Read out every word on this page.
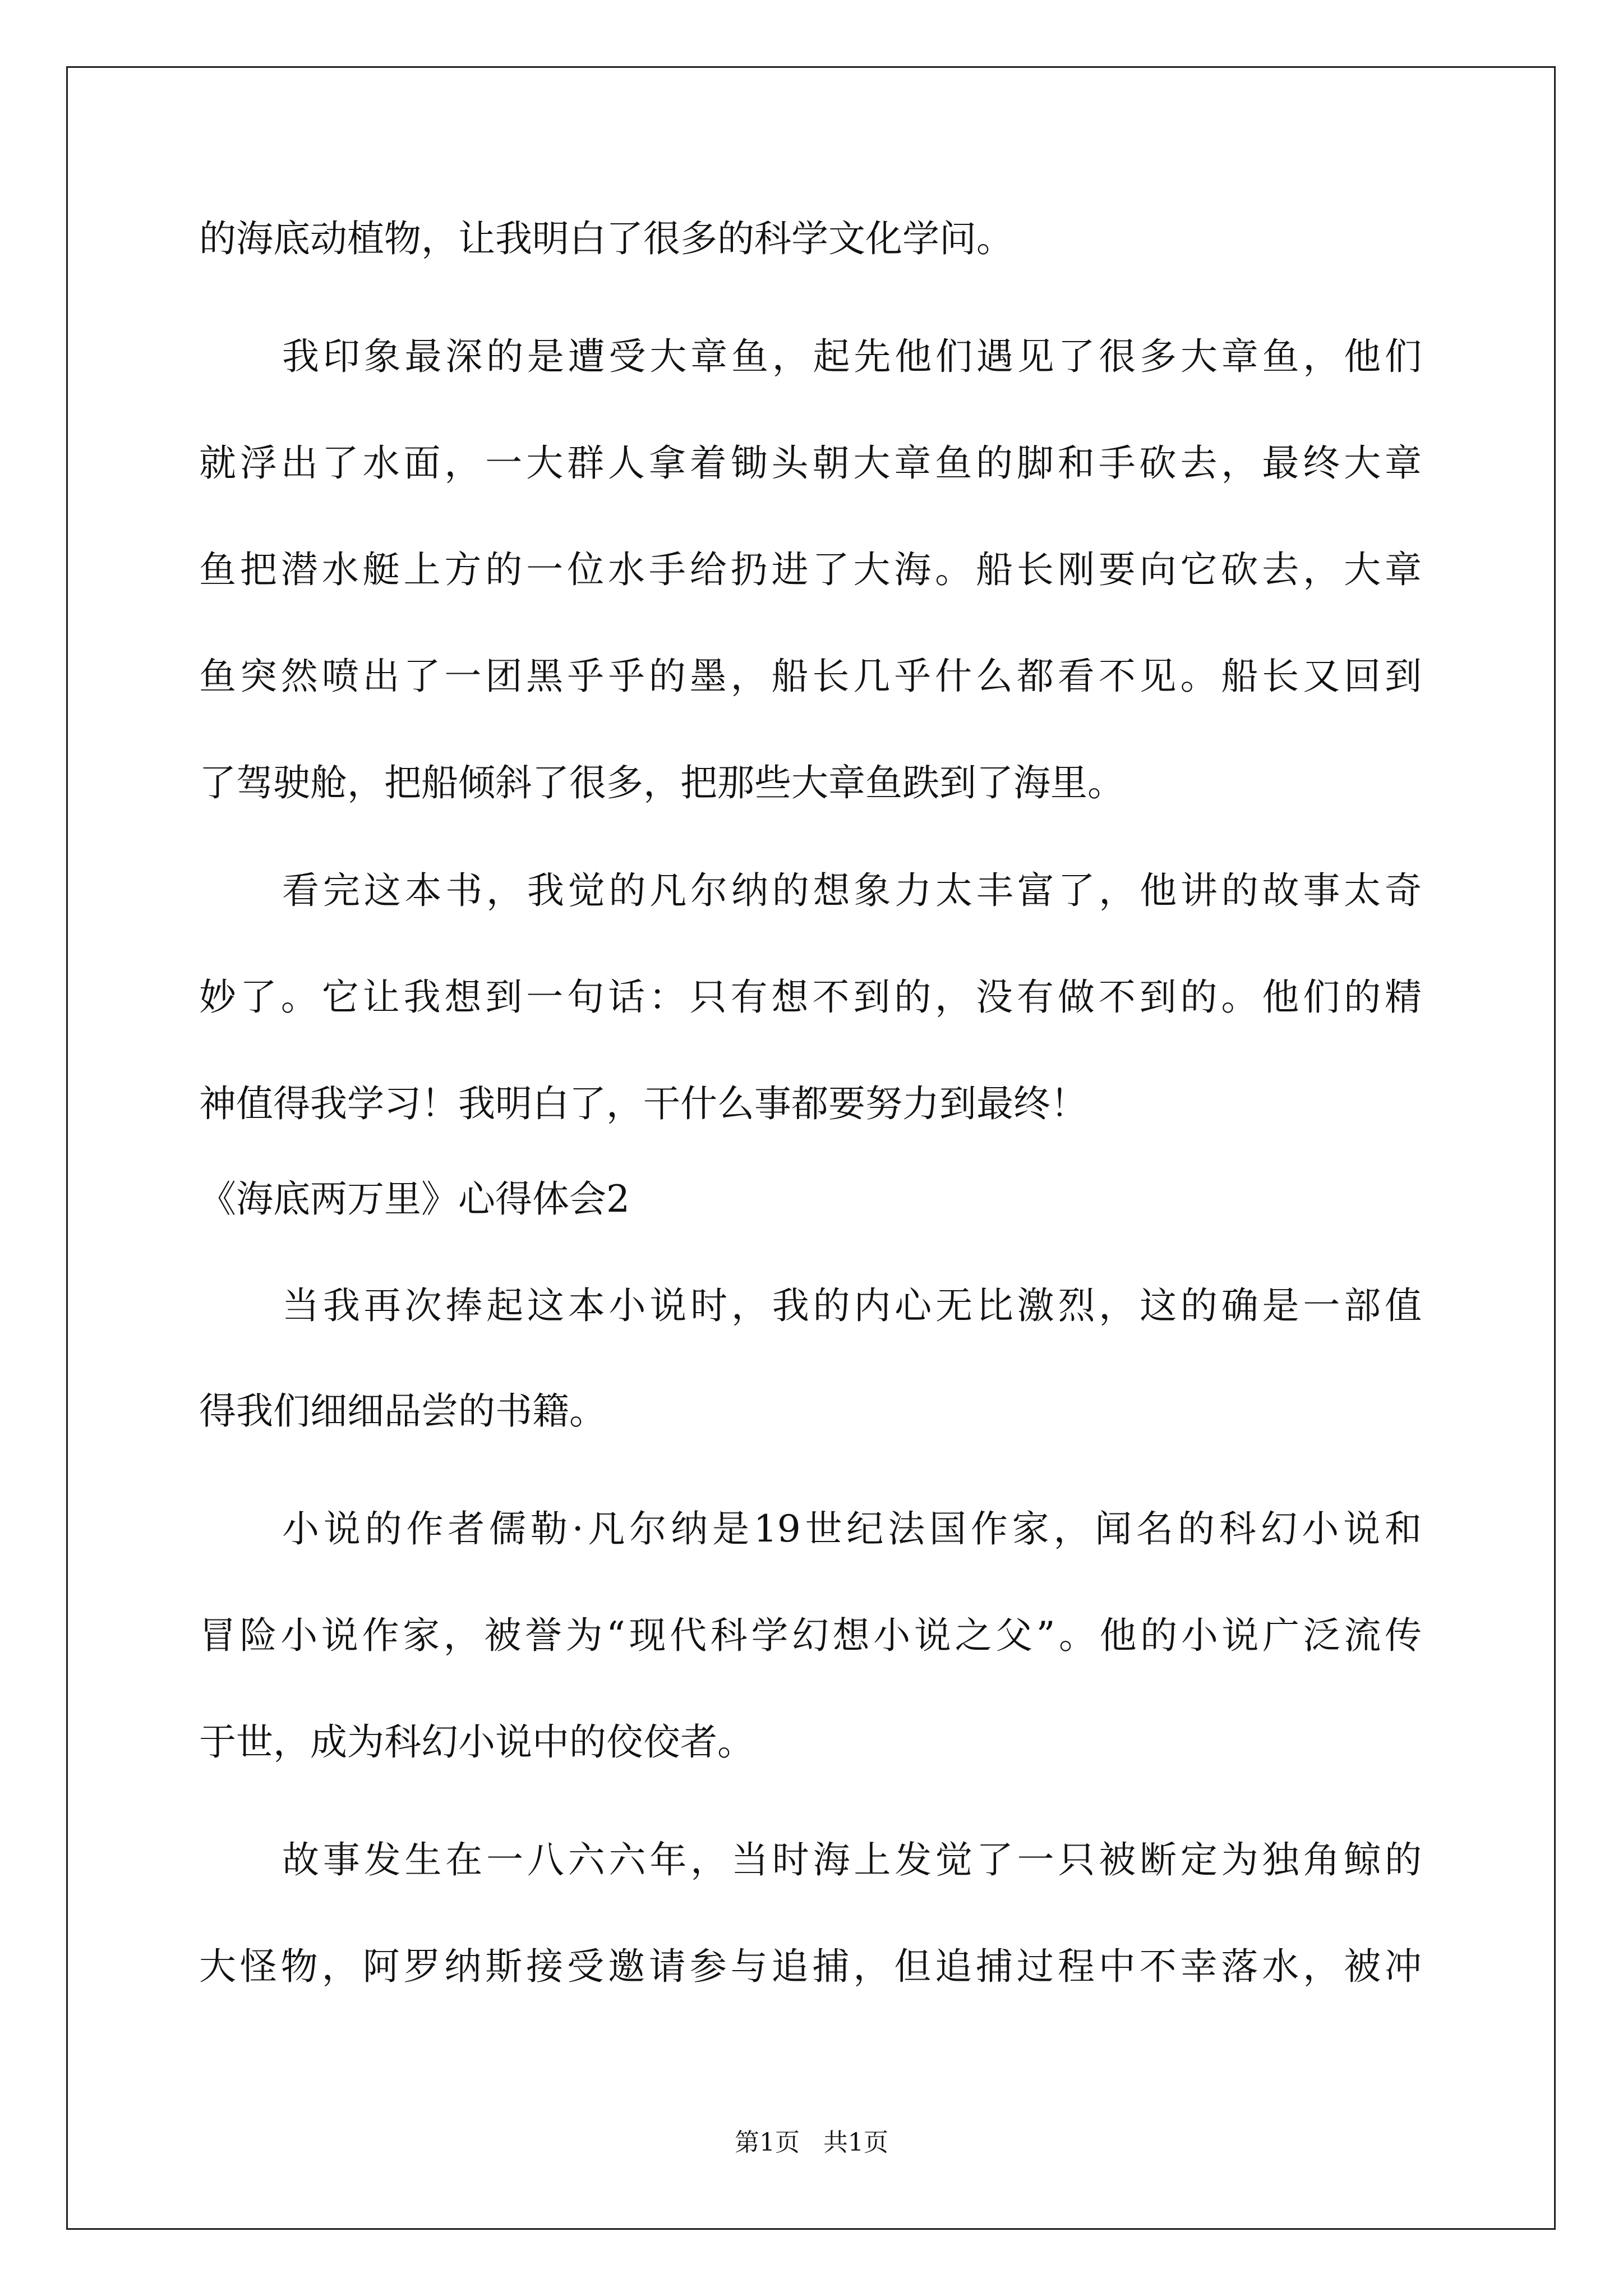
的海底动植物，让我明白了很多的科学文化学问。
我印象最深的是遭受大章鱼，起先他们遇见了很多大章鱼，他们
就浮出了水面，一大群人拿着锄头朝大章鱼的脚和手砍去，最终大章
鱼把潜水艇上方的一位水手给扔进了大海。船长刚要向它砍去，大章
鱼突然喷出了一团黑乎乎的墨，船长几乎什么都看不见。船长又回到
了驾驶舱，把船倾斜了很多，把那些大章鱼跌到了海里。
看完这本书，我觉的凡尔纳的想象力太丰富了，他讲的故事太奇
妙了。它让我想到一句话：只有想不到的，没有做不到的。他们的精
神值得我学习！我明白了，干什么事都要努力到最终！
《海底两万里》心得体会2
当我再次捧起这本小说时，我的内心无比激烈，这的确是一部值
得我们细细品尝的书籍。
小说的作者儒勒·凡尔纳是19世纪法国作家，闻名的科幻小说和
冒险小说作家，被誉为“现代科学幻想小说之父”。他的小说广泛流传
于世，成为科幻小说中的佼佼者。
故事发生在一八六六年，当时海上发觉了一只被断定为独角鲸的
大怪物，阿罗纳斯接受邀请参与追捕，但追捕过程中不幸落水，被冲
第1页   共1页
